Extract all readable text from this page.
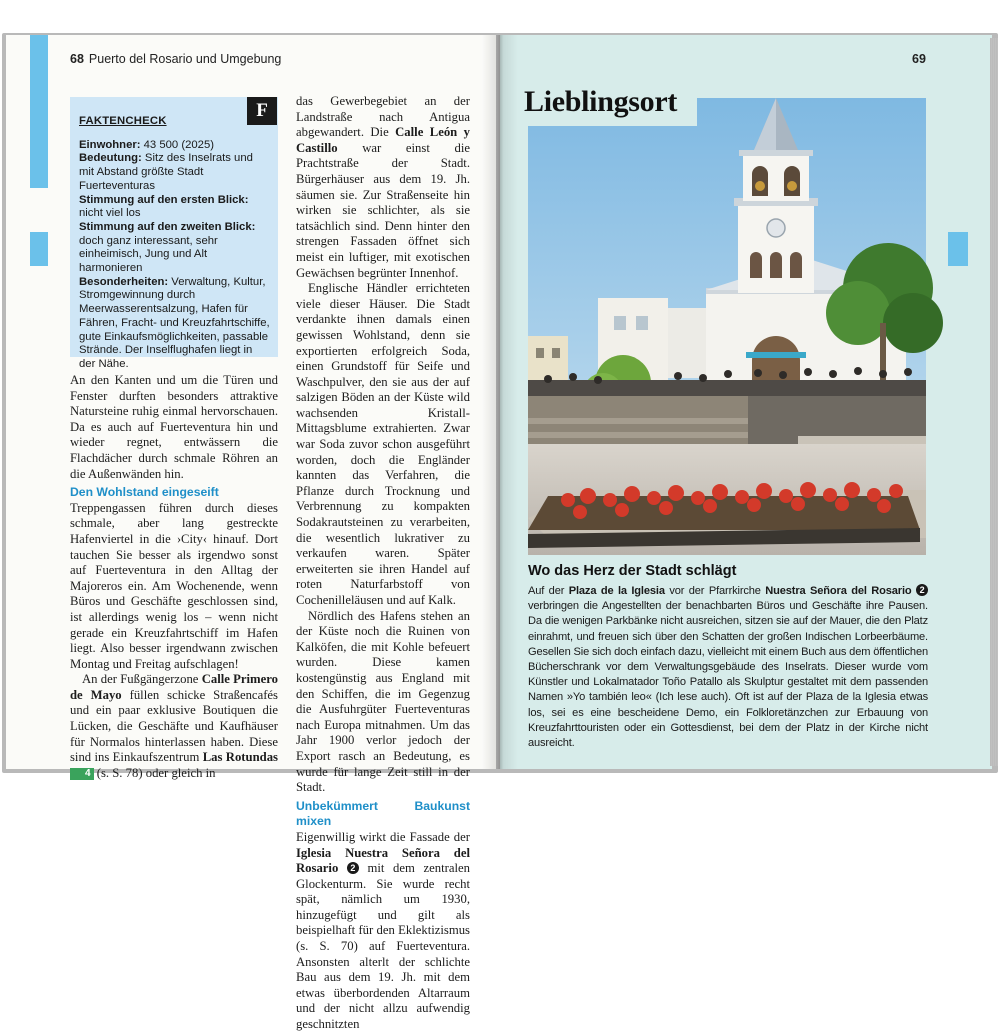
68 Puerto del Rosario und Umgebung
FAKTENCHECK
Einwohner: 43 500 (2025)
Bedeutung: Sitz des Inselrats und mit Abstand größte Stadt Fuerteventuras
Stimmung auf den ersten Blick: nicht viel los
Stimmung auf den zweiten Blick: doch ganz interessant, sehr einheimisch, Jung und Alt harmonieren
Besonderheiten: Verwaltung, Kultur, Stromgewinnung durch Meerwasserentsalzung, Hafen für Fähren, Fracht- und Kreuzfahrtschiffe, gute Einkaufsmöglichkeiten, passable Strände. Der Inselflughafen liegt in der Nähe.
F

An den Kanten und um die Türen und Fenster durften besonders attraktive Natursteine ruhig einmal hervorschauen. Da es auch auf Fuerteventura hin und wieder regnet, entwässern die Flachdächer durch schmale Röhren an die Außenwänden hin.

Den Wohlstand eingeseift

Treppengassen führen durch dieses schmale, aber lang gestreckte Hafenviertel in die ›City‹ hinauf. Dort tauchen Sie besser als irgendwo sonst auf Fuerteventura in den Alltag der Majoreros ein. Am Wochenende, wenn Büros und Geschäfte geschlossen sind, ist allerdings wenig los – wenn nicht gerade ein Kreuzfahrtschiff im Hafen liegt. Also besser irgendwann zwischen Montag und Freitag aufschlagen!

An der Fußgängerzone Calle Primero de Mayo füllen schicke Straßencafés und ein paar exklusive Boutiquen die Lücken, die Geschäfte und Kaufhäuser für Normalos hinterlassen haben. Diese sind ins Einkaufszentrum Las Rotundas 4 (s. S. 78) oder gleich in

das Gewerbegebiet an der Landstraße nach Antigua abgewandert. Die Calle León y Castillo war einst die Prachtstraße der Stadt. Bürgerhäuser aus dem 19. Jh. säumen sie. Zur Straßenseite hin wirken sie schlichter, als sie tatsächlich sind. Denn hinter den strengen Fassaden öffnet sich meist ein luftiger, mit exotischen Gewächsen begrünter Innenhof.

Englische Händler errichteten viele dieser Häuser. Die Stadt verdankte ihnen damals einen gewissen Wohlstand, denn sie exportierten erfolgreich Soda, einen Grundstoff für Seife und Waschpulver, den sie aus der auf salzigen Böden an der Küste wild wachsenden Kristall-Mittagsblume extrahierten. Zwar war Soda zuvor schon ausgeführt worden, doch die Engländer kannten das Verfahren, die Pflanze durch Trocknung und Verbrennung zu kompakten Sodakrautsteinen zu verarbeiten, die wesentlich lukrativer zu verkaufen waren. Später erweiterten sie ihren Handel auf roten Naturfarbstoff von Cochenilleläusen und auf Kalk.

Nördlich des Hafens stehen an der Küste noch die Ruinen von Kalköfen, die mit Kohle befeuert wurden. Diese kamen kostengünstig aus England mit den Schiffen, die im Gegenzug die Ausfuhrgüter Fuerteventuras nach Europa mitnahmen. Um das Jahr 1900 verlor jedoch der Export rasch an Bedeutung, es wurde für lange Zeit still in der Stadt.

Unbekümmert Baukunst mixen

Eigenwillig wirkt die Fassade der Iglesia Nuestra Señora del Rosario 2 mit dem zentralen Glockenturm. Sie wurde recht spät, nämlich um 1930, hinzugefügt und gilt als beispielhaft für den Eklektizismus (s. S. 70) auf Fuerteventura. Ansonsten alterlt der schlichte Bau aus dem 19. Jh. mit dem etwas überbordenden Altarraum und der nicht allzu aufwendig geschnitzten

69
Lieblingsort
Wo das Herz der Stadt schlägt
Auf der Plaza de la Iglesia vor der Pfarrkirche Nuestra Señora del Rosario 2 verbringen die Angestellten der benachbarten Büros und Geschäfte ihre Pausen. Da die wenigen Parkbänke nicht ausreichen, sitzen sie auf der Mauer, die den Platz einrahmt, und freuen sich über den Schatten der großen Indischen Lorbeerbäume. Gesellen Sie sich doch einfach dazu, vielleicht mit einem Buch aus dem öffentlichen Bücherschrank vor dem Verwaltungsgebäude des Inselrats. Dieser wurde vom Künstler und Lokalmatador Toño Patallo als Skulptur gestaltet mit dem passenden Namen »Yo también leo« (Ich lese auch). Oft ist auf der Plaza de la Iglesia etwas los, sei es eine bescheidene Demo, ein Folkloretänzchen zur Erbauung von Kreuzfahrttouristen oder ein Gottesdienst, bei dem der Platz in der Kirche nicht ausreicht.
